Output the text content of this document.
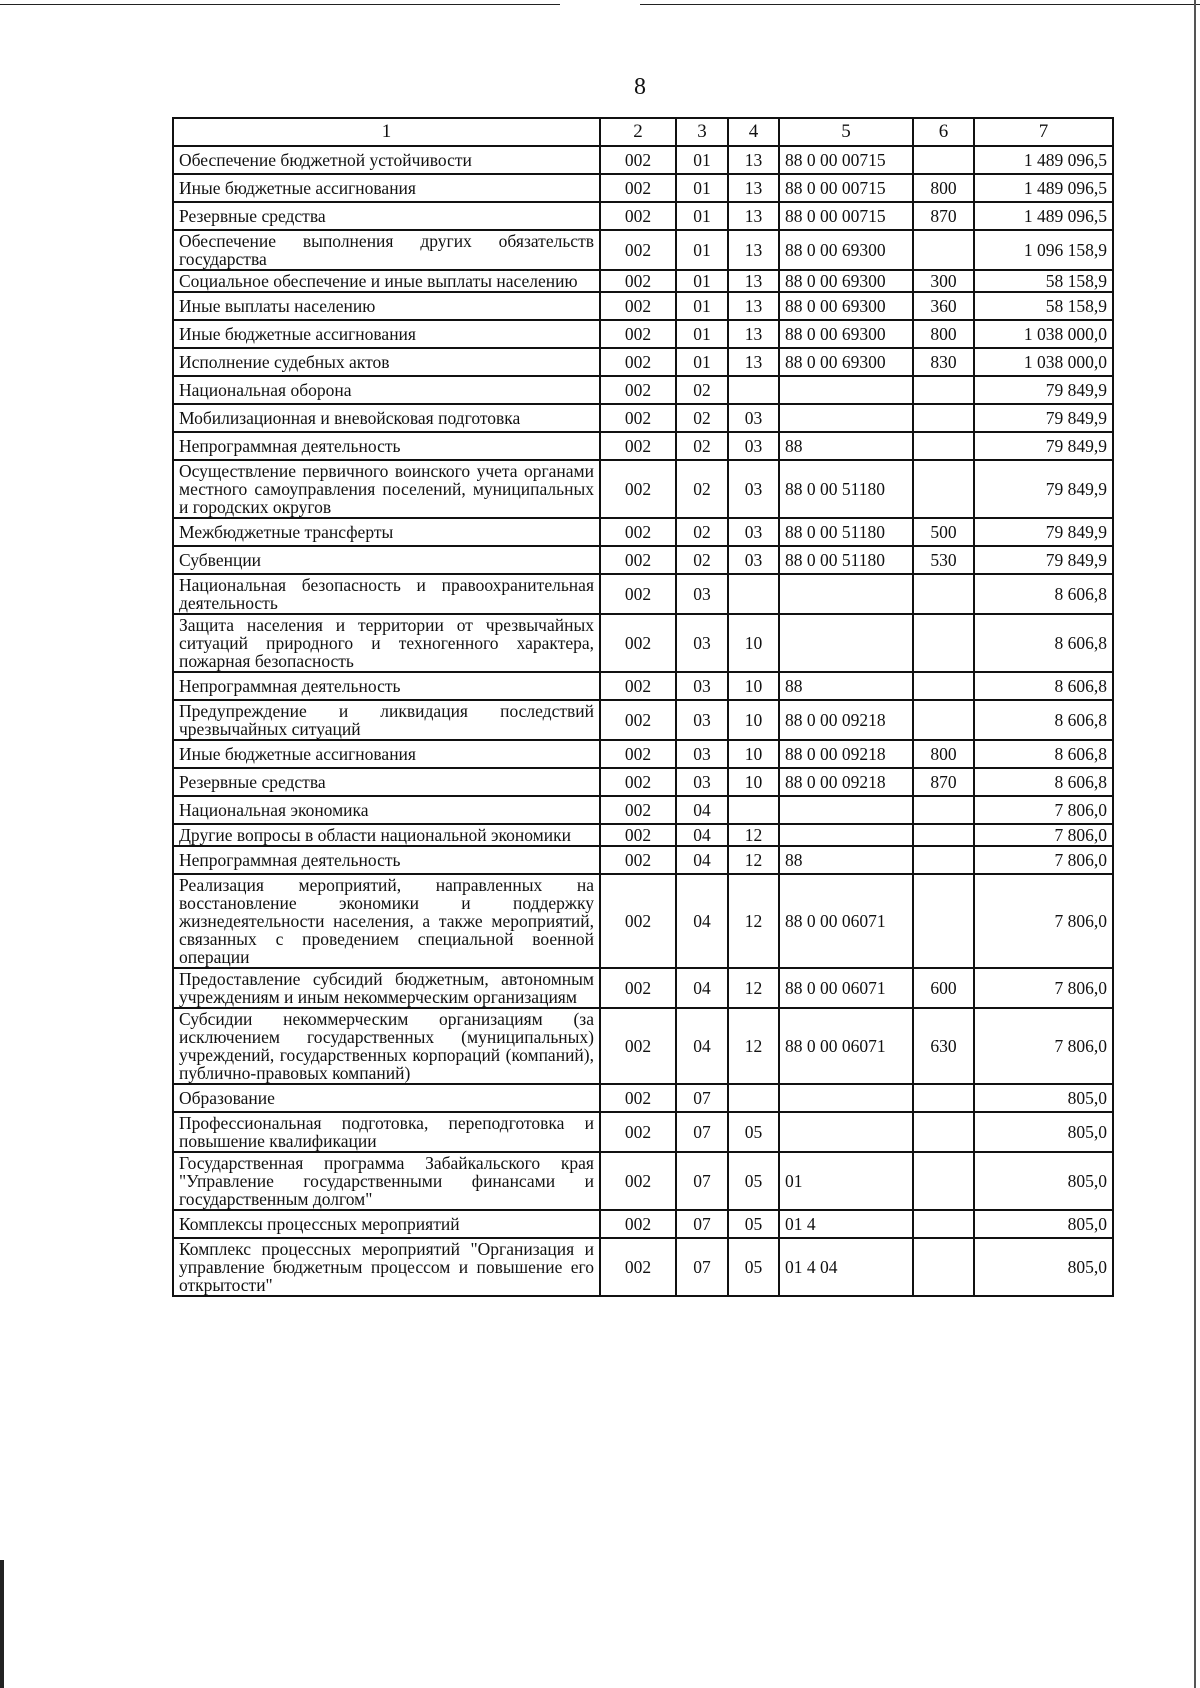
8
1	2	3	4	5	6	7
Обеспечение бюджетной устойчивости	002	01	13	88 0 00 00715		1 489 096,5
Иные бюджетные ассигнования	002	01	13	88 0 00 00715	800	1 489 096,5
Резервные средства	002	01	13	88 0 00 00715	870	1 489 096,5
Обеспечение выполнения других обязательств государства	002	01	13	88 0 00 69300		1 096 158,9
Социальное обеспечение и иные выплаты населению	002	01	13	88 0 00 69300	300	58 158,9
Иные выплаты населению	002	01	13	88 0 00 69300	360	58 158,9
Иные бюджетные ассигнования	002	01	13	88 0 00 69300	800	1 038 000,0
Исполнение судебных актов	002	01	13	88 0 00 69300	830	1 038 000,0
Национальная оборона	002	02				79 849,9
Мобилизационная и вневойсковая подготовка	002	02	03			79 849,9
Непрограммная деятельность	002	02	03	88		79 849,9
Осуществление первичного воинского учета органами местного самоуправления поселений, муниципальных и городских округов	002	02	03	88 0 00 51180		79 849,9
Межбюджетные трансферты	002	02	03	88 0 00 51180	500	79 849,9
Субвенции	002	02	03	88 0 00 51180	530	79 849,9
Национальная безопасность и правоохранительная деятельность	002	03				8 606,8
Защита населения и территории от чрезвычайных ситуаций природного и техногенного характера, пожарная безопасность	002	03	10			8 606,8
Непрограммная деятельность	002	03	10	88		8 606,8
Предупреждение и ликвидация последствий чрезвычайных ситуаций	002	03	10	88 0 00 09218		8 606,8
Иные бюджетные ассигнования	002	03	10	88 0 00 09218	800	8 606,8
Резервные средства	002	03	10	88 0 00 09218	870	8 606,8
Национальная экономика	002	04				7 806,0
Другие вопросы в области национальной экономики	002	04	12			7 806,0
Непрограммная деятельность	002	04	12	88		7 806,0
Реализация мероприятий, направленных на восстановление экономики и поддержку жизнедеятельности населения, а также мероприятий, связанных с проведением специальной военной операции	002	04	12	88 0 00 06071		7 806,0
Предоставление субсидий бюджетным, автономным учреждениям и иным некоммерческим организациям	002	04	12	88 0 00 06071	600	7 806,0
Субсидии некоммерческим организациям (за исключением государственных (муниципальных) учреждений, государственных корпораций (компаний), публично-правовых компаний)	002	04	12	88 0 00 06071	630	7 806,0
Образование	002	07				805,0
Профессиональная подготовка, переподготовка и повышение квалификации	002	07	05			805,0
Государственная программа Забайкальского края "Управление государственными финансами и государственным долгом"	002	07	05	01		805,0
Комплексы процессных мероприятий	002	07	05	01 4		805,0
Комплекс процессных мероприятий "Организация и управление бюджетным процессом и повышение его открытости"	002	07	05	01 4 04		805,0
